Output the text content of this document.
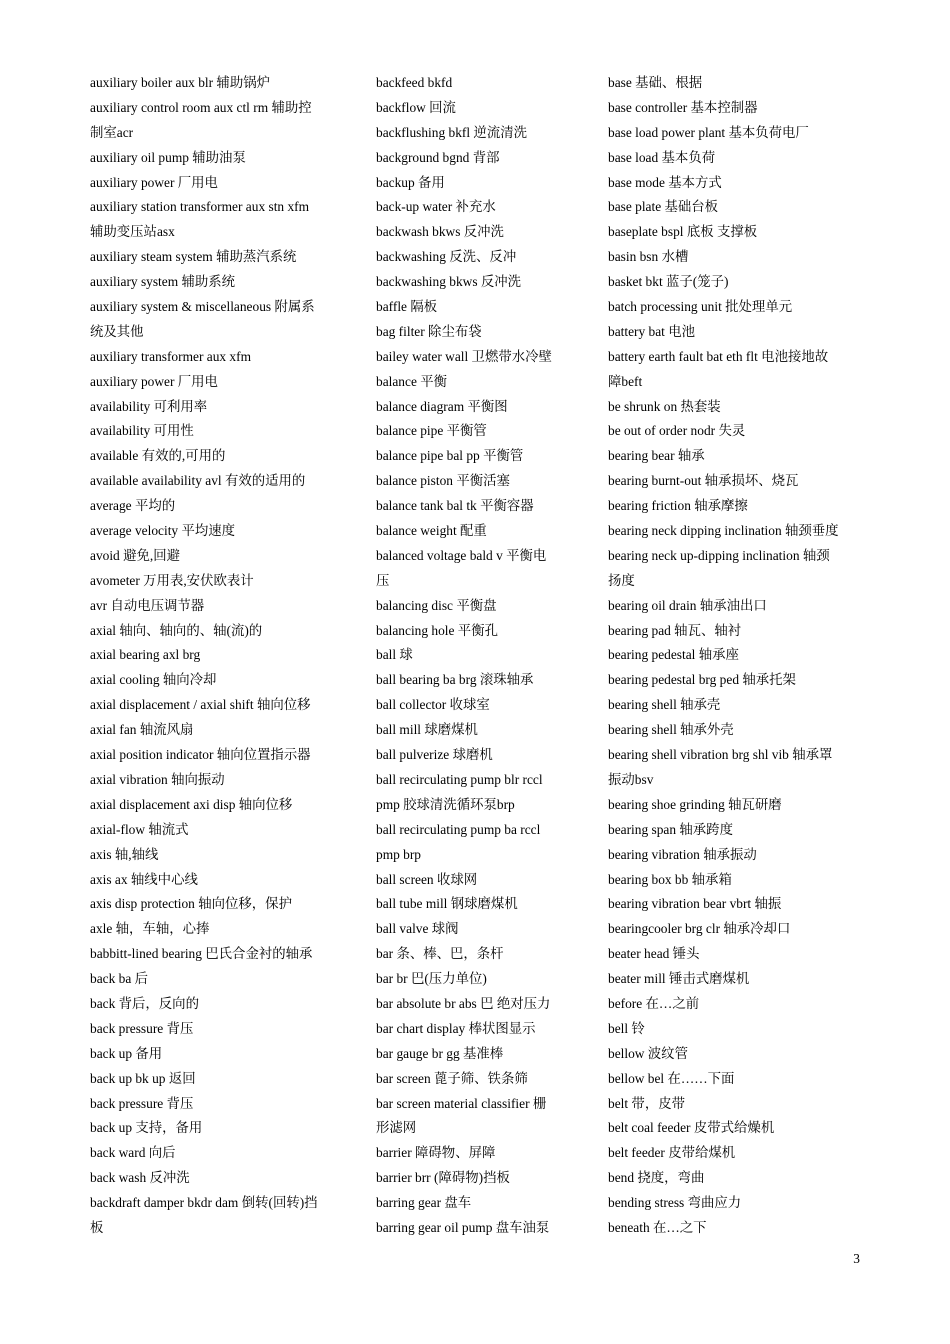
auxiliary boiler aux blr 辅助锅炉
auxiliary control room aux ctl rm 辅助控
制室acr
auxiliary oil pump 辅助油泵
auxiliary power 厂用电
auxiliary station transformer aux stn xfm
辅助变压站asx
auxiliary steam system 辅助蒸汽系统
auxiliary system 辅助系统
auxiliary system & miscellaneous 附属系
统及其他
auxiliary transformer aux xfm
auxiliary power 厂用电
availability 可利用率
availability 可用性
available 有效的,可用的
available availability avl 有效的适用的
average 平均的
average velocity 平均速度
avoid 避免,回避
avometer 万用表,安伏欧表计
avr 自动电压调节器
axial 轴向、轴向的、轴(流)的
axial bearing axl brg
axial cooling 轴向冷却
axial displacement / axial shift 轴向位移
axial fan 轴流风扇
axial position indicator 轴向位置指示器
axial vibration 轴向振动
axial displacement axi disp 轴向位移
axial-flow 轴流式
axis 轴,轴线
axis ax 轴线中心线
axis disp protection 轴向位移，保护
axle 轴，车轴，心捧
babbitt-lined bearing 巴氏合金衬的轴承
back ba 后
back 背后，反向的
back pressure 背压
back up 备用
back up bk up 返回
back pressure 背压
back up 支持，备用
back ward 向后
back wash 反冲洗
backdraft damper bkdr dam 倒转(回转)挡
板
backfeed bkfd
backflow 回流
backflushing bkfl 逆流清洗
background bgnd 背部
backup 备用
back-up water 补充水
backwash bkws 反冲洗
backwashing 反洗、反冲
backwashing bkws 反冲洗
baffle 隔板
bag filter 除尘布袋
bailey water wall 卫燃带水冷壁
balance 平衡
balance diagram 平衡图
balance pipe 平衡管
balance pipe bal pp 平衡管
balance piston 平衡活塞
balance tank bal tk 平衡容器
balance weight 配重
balanced voltage bald v 平衡电
压
balancing disc 平衡盘
balancing hole 平衡孔
ball 球
ball bearing ba brg 滚珠轴承
ball collector 收球室
ball mill 球磨煤机
ball pulverize 球磨机
ball recirculating pump blr rccl
pmp 胶球清洗循环泵brp
ball recirculating pump ba rccl
pmp brp
ball screen 收球网
ball tube mill 钢球磨煤机
ball valve 球阀
bar 条、棒、巴，条杆
bar br 巴(压力单位)
bar absolute br abs 巴 绝对压力
bar chart display 棒状图显示
bar gauge br gg 基准棒
bar screen 蓖子筛、铁条筛
bar screen material classifier 栅
形滤网
barrier 障碍物、屏障
barrier brr (障碍物)挡板
barring gear 盘车
barring gear oil pump 盘车油泵
base 基础、根据
base controller 基本控制器
base load power plant 基本负荷电厂
base load 基本负荷
base mode 基本方式
base plate 基础台板
baseplate bspl 底板 支撑板
basin bsn 水槽
basket bkt 蓝子(笼子)
batch processing unit 批处理单元
battery bat 电池
battery earth fault bat eth flt 电池接地故
障beft
be shrunk on 热套装
be out of order nodr 失灵
bearing bear 轴承
bearing burnt-out 轴承损坏、烧瓦
bearing friction 轴承摩擦
bearing neck dipping inclination 轴颈垂度
bearing neck up-dipping inclination 轴颈
扬度
bearing oil drain 轴承油出口
bearing pad 轴瓦、轴衬
bearing pedestal 轴承座
bearing pedestal brg ped 轴承托架
bearing shell 轴承壳
bearing shell 轴承外壳
bearing shell vibration brg shl vib 轴承罩
振动bsv
bearing shoe grinding 轴瓦研磨
bearing span 轴承跨度
bearing vibration 轴承振动
bearing box bb 轴承箱
bearing vibration bear vbrt 轴振
bearingcooler brg clr 轴承冷却口
beater head 锤头
beater mill 锤击式磨煤机
before 在…之前
bell 铃
bellow 波纹管
bellow bel 在……下面
belt 带，皮带
belt coal feeder 皮带式给燥机
belt feeder 皮带给煤机
bend 挠度，弯曲
bending stress 弯曲应力
beneath 在…之下
3
